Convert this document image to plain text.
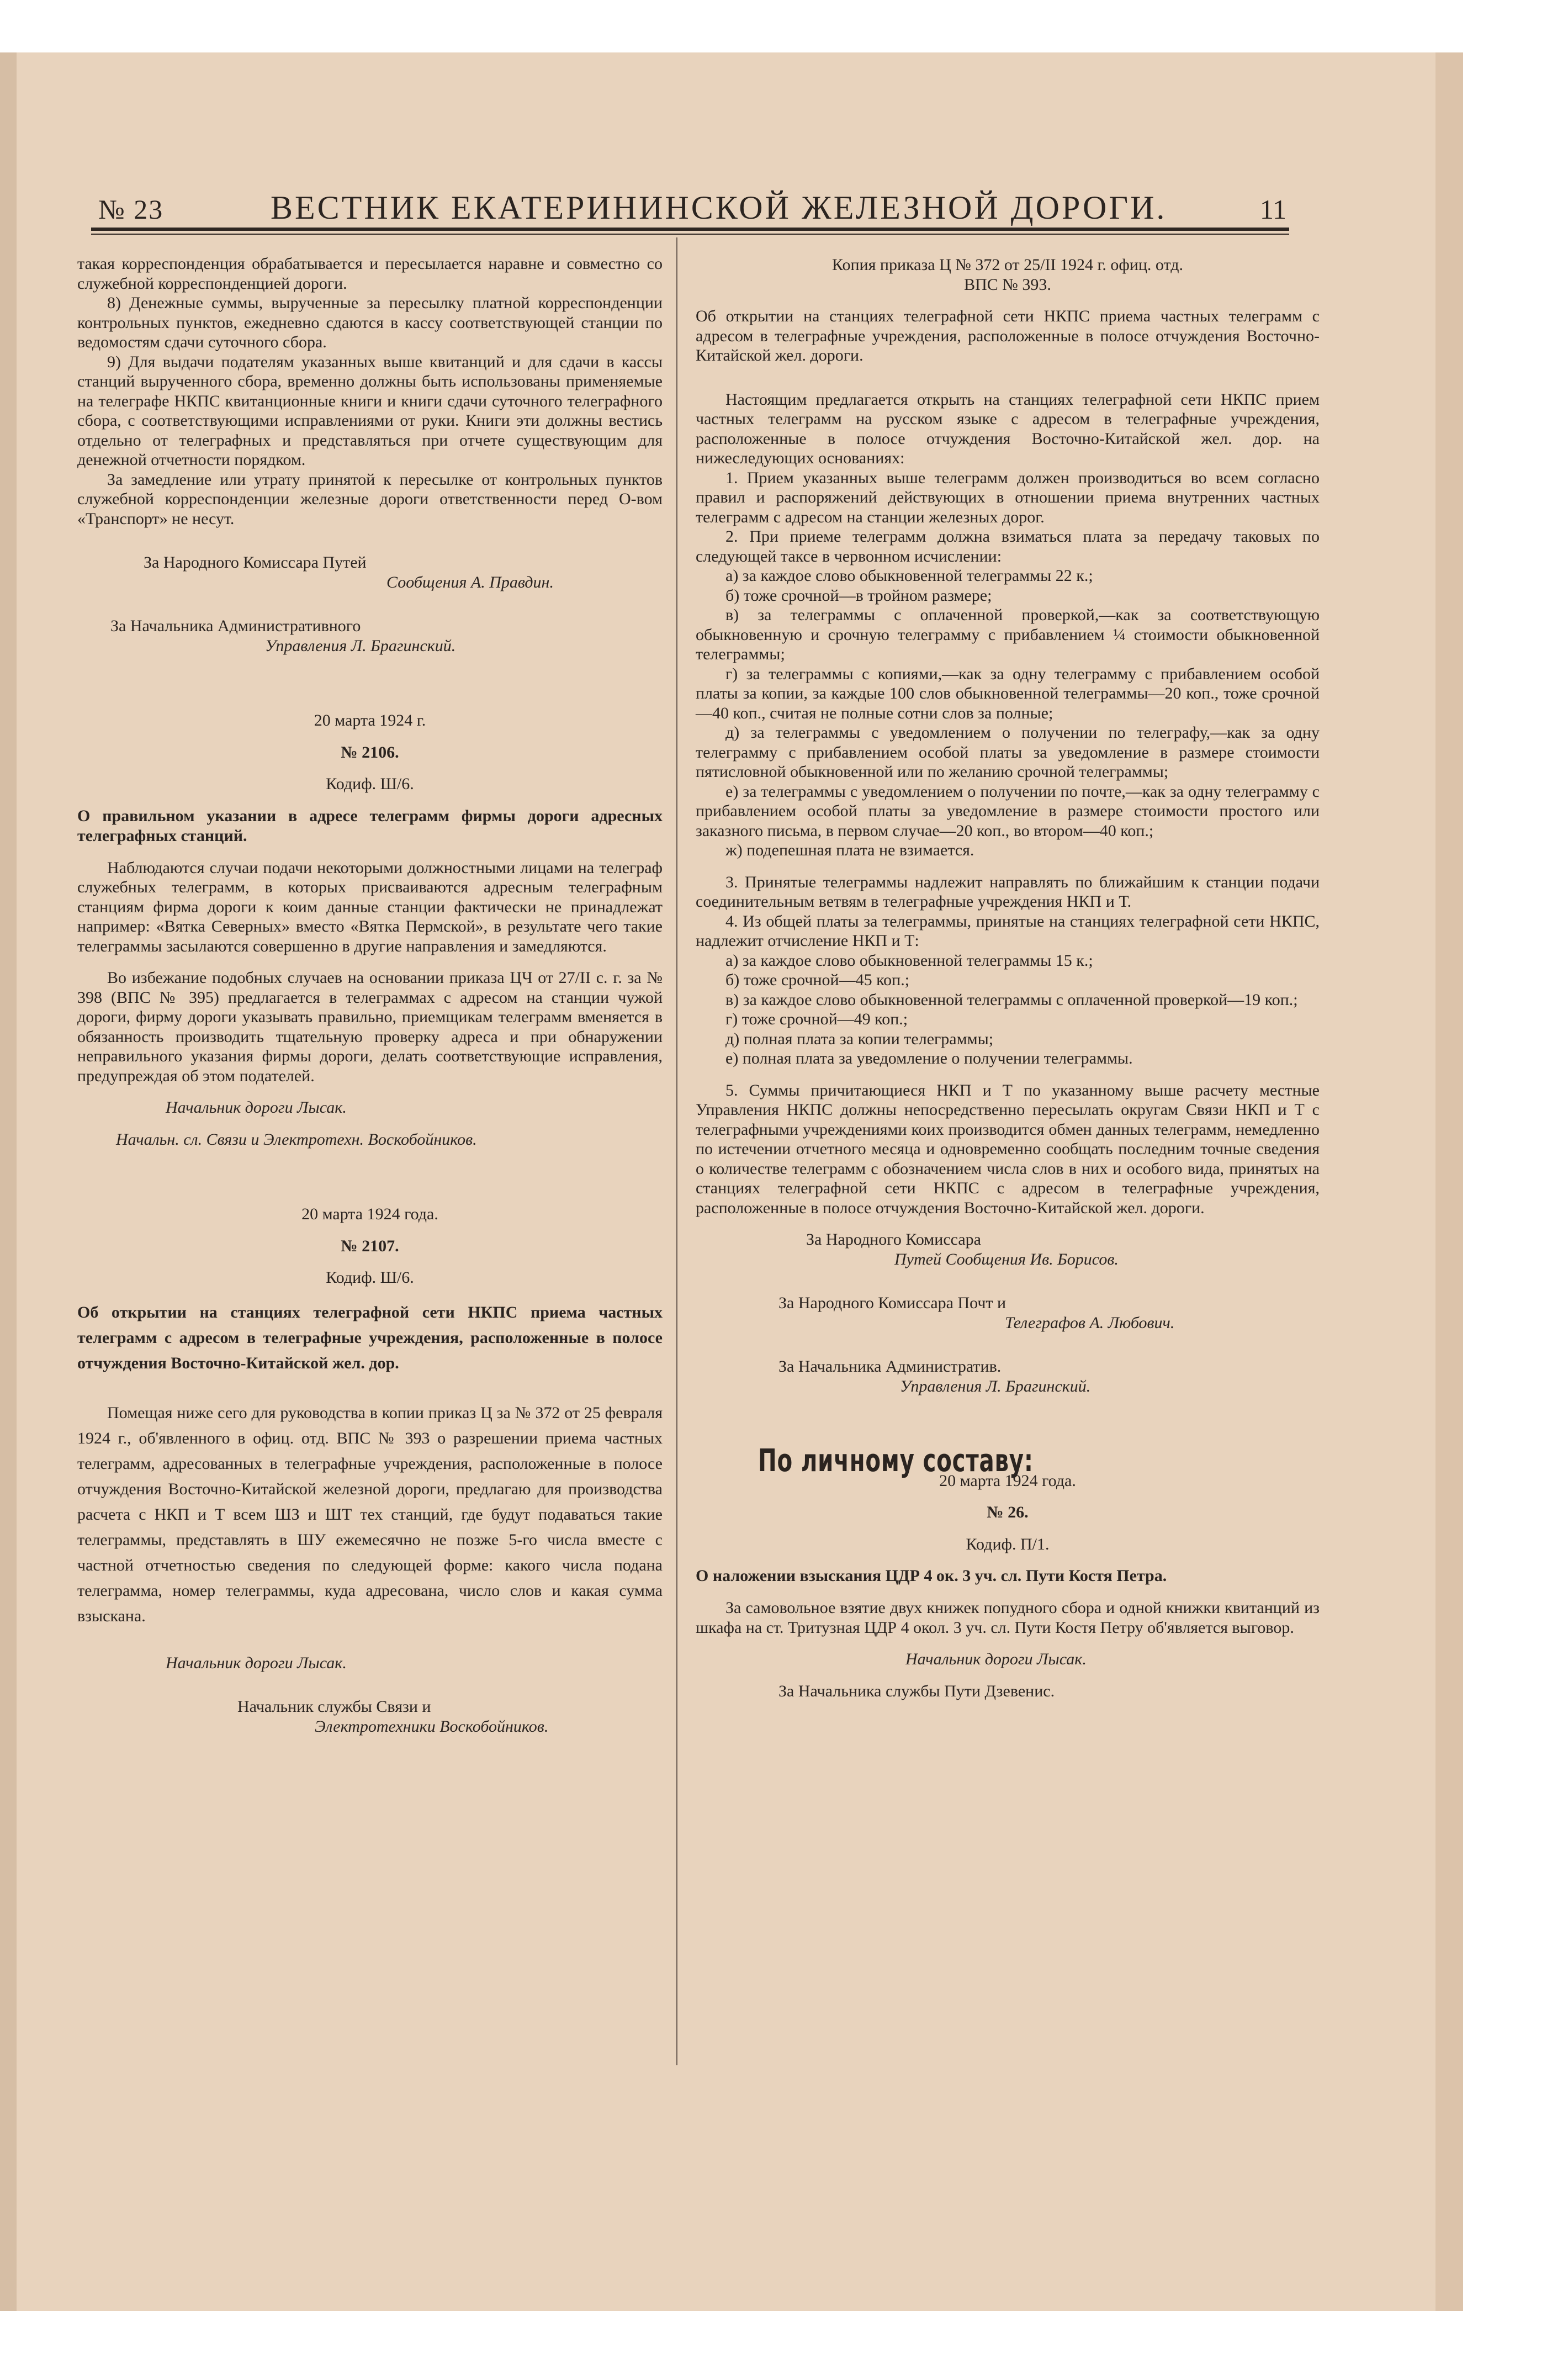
№ 23	ВЕСТНИК ЕКАТЕРИНИНСКОЙ ЖЕЛЕЗНОЙ ДОРОГИ.	11

такая корреспонденция обрабатывается и пересылается наравне и совместно со служебной корреспонденцией дороги.

8) Денежные суммы, вырученные за пересылку платной корреспонденции контрольных пунктов, ежедневно сдаются в кассу соответствующей станции по ведомостям сдачи суточного сбора.

9) Для выдачи подателям указанных выше квитанций и для сдачи в кассы станций вырученного сбора, временно должны быть использованы применяемые на телеграфе НКПС квитанционные книги и книги сдачи суточного телеграфного сбора, с соответствующими исправлениями от руки. Книги эти должны вестись отдельно от телеграфных и представляться при отчете существующим для денежной отчетности порядком.

За замедление или утрату принятой к пересылке от контрольных пунктов служебной корреспонденции железные дороги ответственности перед О-вом «Транспорт» не несут.

За Народного Комиссара Путей

Сообщения А. Правдин.

За Начальника Административного

Управления Л. Брагинский.

20 марта 1924 г.

№ 2106.

Кодиф. Ш/6.

О правильном указании в адресе телеграмм фирмы дороги адресных телеграфных станций.

Наблюдаются случаи подачи некоторыми должностными лицами на телеграф служебных телеграмм, в которых присваиваются адресным телеграфным станциям фирма дороги к коим данные станции фактически не принадлежат например: «Вятка Северных» вместо «Вятка Пермской», в результате чего такие телеграммы засылаются совершенно в другие направления и замедляются.

Во избежание подобных случаев на основании приказа ЦЧ от 27/II с. г. за № 398 (ВПС № 395) предлагается в телеграммах с адресом на станции чужой дороги, фирму дороги указывать правильно, приемщикам телеграмм вменяется в обязанность производить тщательную проверку адреса и при обнаружении неправильного указания фирмы дороги, делать соответствующие исправления, предупреждая об этом подателей.

Начальник дороги Лысак.

Начальн. сл. Связи и Электротехн. Воскобойников.

20 марта 1924 года.

№ 2107.

Кодиф. Ш/6.

Об открытии на станциях телеграфной сети НКПС приема частных телеграмм с адресом в телеграфные учреждения, расположенные в полосе отчуждения Восточно-Китайской жел. дор.

Помещая ниже сего для руководства в копии приказ Ц за № 372 от 25 февраля 1924 г., об'явленного в офиц. отд. ВПС № 393 о разрешении приема частных телеграмм, адресованных в телеграфные учреждения, расположенные в полосе отчуждения Восточно-Китайской железной дороги, предлагаю для производства расчета с НКП и Т всем ШЗ и ШТ тех станций, где будут подаваться такие телеграммы, представлять в ШУ ежемесячно не позже 5-го числа вместе с частной отчетностью сведения по следующей форме: какого числа подана телеграмма, номер телеграммы, куда адресована, число слов и какая сумма взыскана.

Начальник дороги Лысак.

Начальник службы Связи и

Электротехники Воскобойников.

Копия приказа Ц № 372 от 25/II 1924 г. офиц. отд.

ВПС № 393.

Об открытии на станциях телеграфной сети НКПС приема частных телеграмм с адресом в телеграфные учреждения, расположенные в полосе отчуждения Восточно-Китайской жел. дороги.

Настоящим предлагается открыть на станциях телеграфной сети НКПС прием частных телеграмм на русском языке с адресом в телеграфные учреждения, расположенные в полосе отчуждения Восточно-Китайской жел. дор. на нижеследующих основаниях:

1. Прием указанных выше телеграмм должен производиться во всем согласно правил и распоряжений действующих в отношении приема внутренних частных телеграмм с адресом на станции железных дорог.

2. При приеме телеграмм должна взиматься плата за передачу таковых по следующей таксе в червонном исчислении:

а) за каждое слово обыкновенной телеграммы 22 к.;

б) тоже срочной—в тройном размере;

в) за телеграммы с оплаченной проверкой,—как за соответствующую обыкновенную и срочную телеграмму с прибавлением ¼ стоимости обыкновенной телеграммы;

г) за телеграммы с копиями,—как за одну телеграмму с прибавлением особой платы за копии, за каждые 100 слов обыкновенной телеграммы—20 коп., тоже срочной—40 коп., считая не полные сотни слов за полные;

д) за телеграммы с уведомлением о получении по телеграфу,—как за одну телеграмму с прибавлением особой платы за уведомление в размере стоимости пятисловной обыкновенной или по желанию срочной телеграммы;

е) за телеграммы с уведомлением о получении по почте,—как за одну телеграмму с прибавлением особой платы за уведомление в размере стоимости простого или заказного письма, в первом случае—20 коп., во втором—40 коп.;

ж) подепешная плата не взимается.

3. Принятые телеграммы надлежит направлять по ближайшим к станции подачи соединительным ветвям в телеграфные учреждения НКП и Т.

4. Из общей платы за телеграммы, принятые на станциях телеграфной сети НКПС, надлежит отчисление НКП и Т:

а) за каждое слово обыкновенной телеграммы 15 к.;

б) тоже срочной—45 коп.;

в) за каждое слово обыкновенной телеграммы с оплаченной проверкой—19 коп.;

г) тоже срочной—49 коп.;

д) полная плата за копии телеграммы;

е) полная плата за уведомление о получении телеграммы.

5. Суммы причитающиеся НКП и Т по указанному выше расчету местные Управления НКПС должны непосредственно пересылать округам Связи НКП и Т с телеграфными учреждениями коих производится обмен данных телеграмм, немедленно по истечении отчетного месяца и одновременно сообщать последним точные сведения о количестве телеграмм с обозначением числа слов в них и особого вида, принятых на станциях телеграфной сети НКПС с адресом в телеграфные учреждения, расположенные в полосе отчуждения Восточно-Китайской жел. дороги.

За Народного Комиссара

Путей Сообщения Ив. Борисов.

За Народного Комиссара Почт и

Телеграфов А. Любович.

За Начальника Административ.

Управления Л. Брагинский.

По личному составу:

20 марта 1924 года.

№ 26.

Кодиф. П/1.

О наложении взыскания ЦДР 4 ок. 3 уч. сл. Пути Костя Петра.

За самовольное взятие двух книжек попудного сбора и одной книжки квитанций из шкафа на ст. Тритузная ЦДР 4 окол. 3 уч. сл. Пути Костя Петру об'является выговор.

Начальник дороги Лысак.

За Начальника службы Пути Дзевенис.
